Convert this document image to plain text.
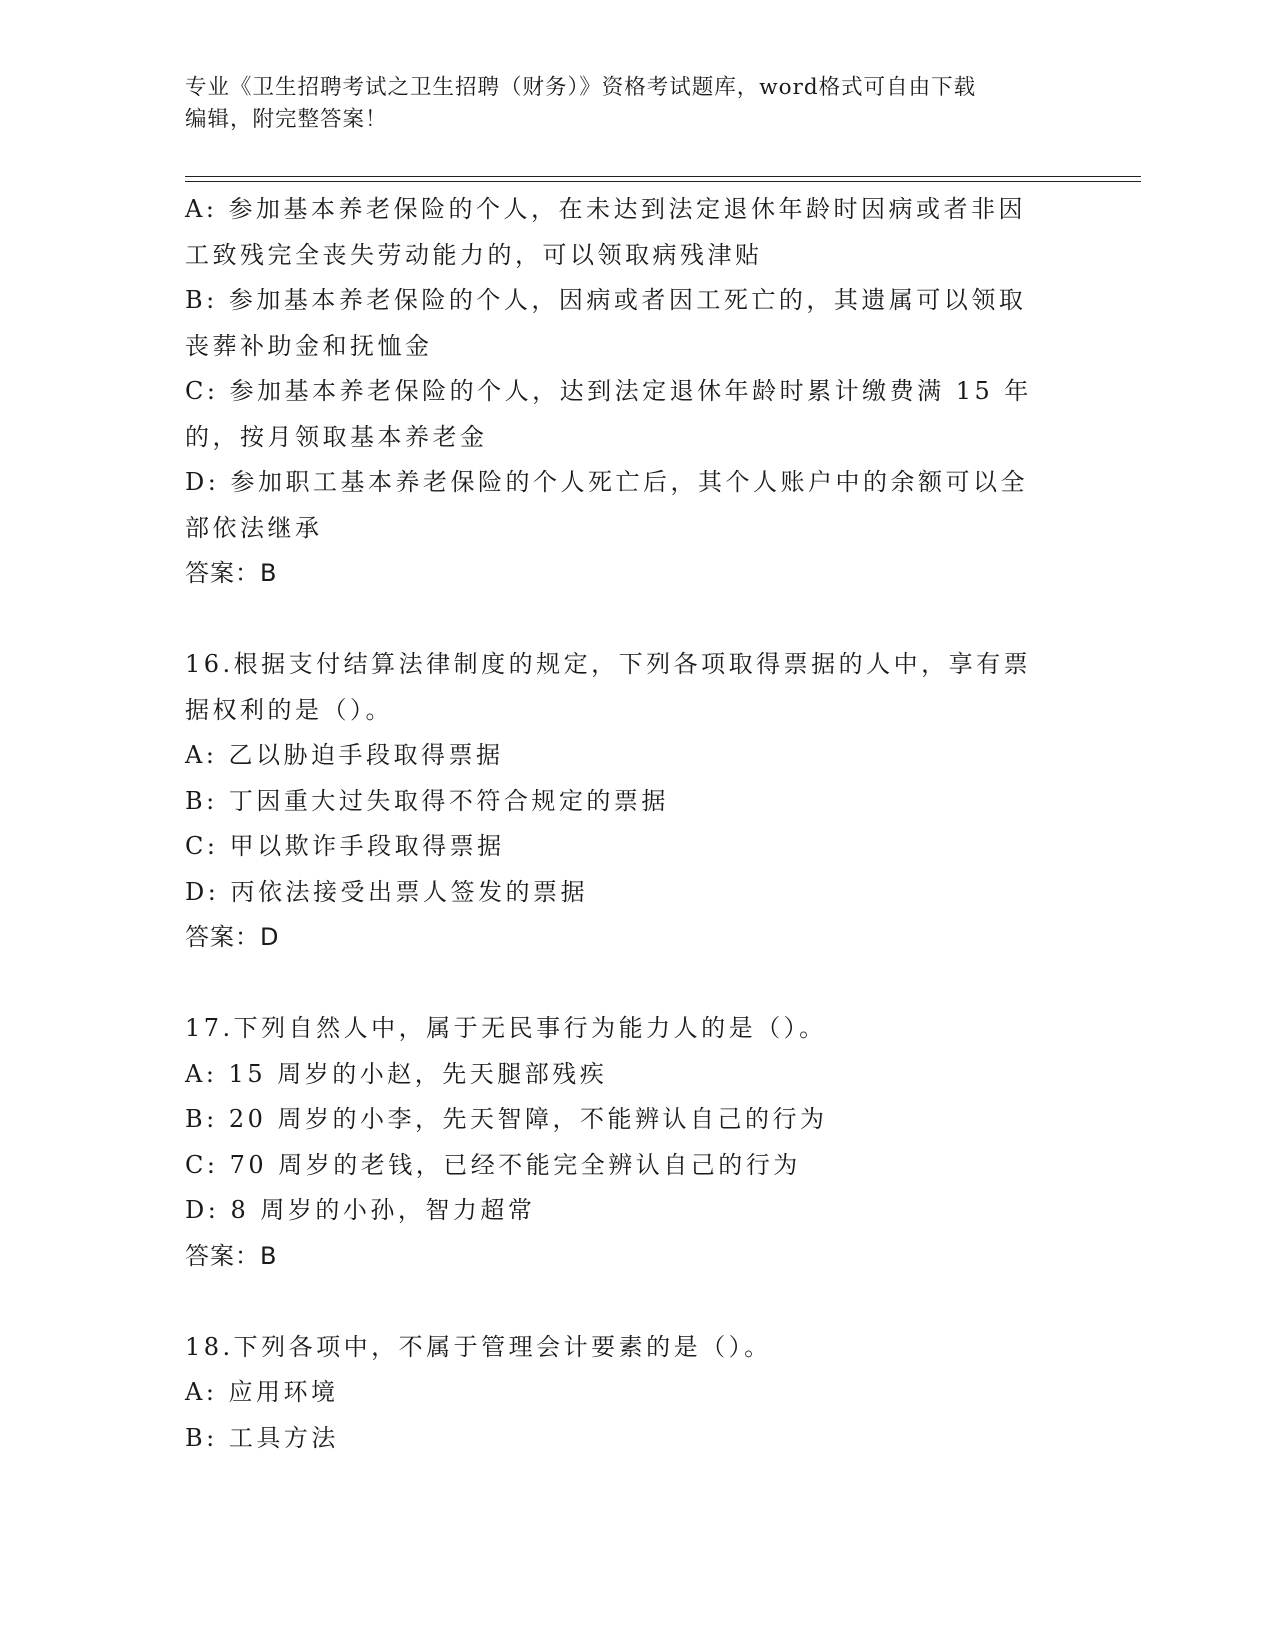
专业《卫生招聘考试之卫生招聘（财务）》资格考试题库，word格式可自由下载
编辑，附完整答案！
A: 参加基本养老保险的个人，在未达到法定退休年龄时因病或者非因
工致残完全丧失劳动能力的，可以领取病残津贴
B: 参加基本养老保险的个人，因病或者因工死亡的，其遗属可以领取
丧葬补助金和抚恤金
C: 参加基本养老保险的个人，达到法定退休年龄时累计缴费满 15 年
的，按月领取基本养老金
D: 参加职工基本养老保险的个人死亡后，其个人账户中的余额可以全
部依法继承
答案：B
16.根据支付结算法律制度的规定，下列各项取得票据的人中，享有票
据权利的是（）。
A: 乙以胁迫手段取得票据
B: 丁因重大过失取得不符合规定的票据
C: 甲以欺诈手段取得票据
D: 丙依法接受出票人签发的票据
答案：D
17.下列自然人中，属于无民事行为能力人的是（）。
A: 15 周岁的小赵，先天腿部残疾
B: 20 周岁的小李，先天智障，不能辨认自己的行为
C: 70 周岁的老钱，已经不能完全辨认自己的行为
D: 8 周岁的小孙，智力超常
答案：B
18.下列各项中，不属于管理会计要素的是（）。
A: 应用环境
B: 工具方法
